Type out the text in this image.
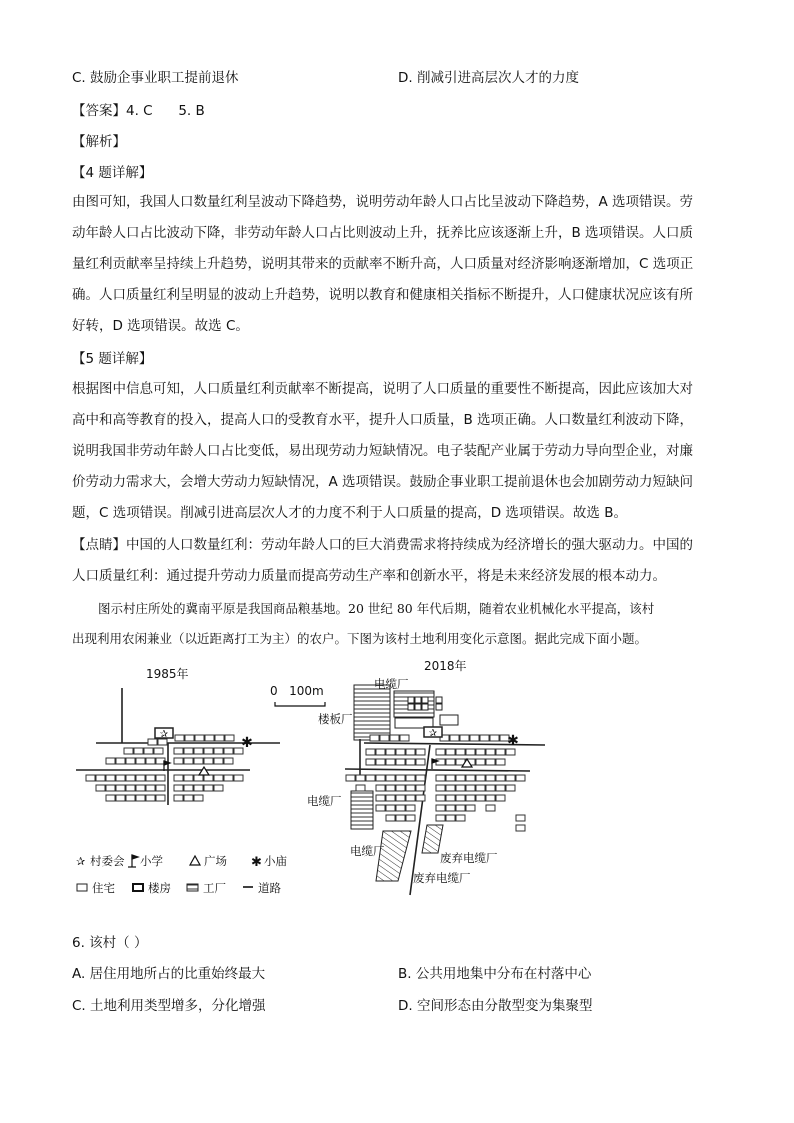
C. 鼓励企事业职工提前退休	D. 削减引进高层次人才的力度
【答案】4. C      5. B
【解析】
【4 题详解】
由图可知，我国人口数量红利呈波动下降趋势，说明劳动年龄人口占比呈波动下降趋势，A 选项错误。劳
动年龄人口占比波动下降，非劳动年龄人口占比则波动上升，抚养比应该逐渐上升，B 选项错误。人口质
量红利贡献率呈持续上升趋势，说明其带来的贡献率不断升高，人口质量对经济影响逐渐增加，C 选项正
确。人口质量红利呈明显的波动上升趋势，说明以教育和健康相关指标不断提升，人口健康状况应该有所
好转，D 选项错误。故选 C。
【5 题详解】
根据图中信息可知，人口质量红利贡献率不断提高，说明了人口质量的重要性不断提高，因此应该加大对
高中和高等教育的投入，提高人口的受教育水平，提升人口质量，B 选项正确。人口数量红利波动下降，
说明我国非劳动年龄人口占比变低，易出现劳动力短缺情况。电子装配产业属于劳动力导向型企业，对廉
价劳动力需求大，会增大劳动力短缺情况，A 选项错误。鼓励企事业职工提前退休也会加剧劳动力短缺问
题，C 选项错误。削减引进高层次人才的力度不利于人口质量的提高，D 选项错误。故选 B。
【点睛】中国的人口数量红利：劳动年龄人口的巨大消费需求将持续成为经济增长的强大驱动力。中国的
人口质量红利：通过提升劳动力质量而提高劳动生产率和创新水平，将是未来经济发展的根本动力。
图示村庄所处的冀南平原是我国商品粮基地。20 世纪 80 年代后期，随着农业机械化水平提高，该村
出现利用农闲兼业（以近距离打工为主）的农户。下图为该村土地利用变化示意图。据此完成下面小题。
1985年
✰
✱
0   100m
2018年
✰	✱
电缆厂
楼板厂
电缆厂
电缆厂	废弃电缆厂
废弃电缆厂
✰ 村委会 小学	广场 ✱ 小庙
住宅	楼房	工厂	道路
6. 该村（ ）
A. 居住用地所占的比重始终最大	B. 公共用地集中分布在村落中心
C. 土地利用类型增多，分化增强	D. 空间形态由分散型变为集聚型
